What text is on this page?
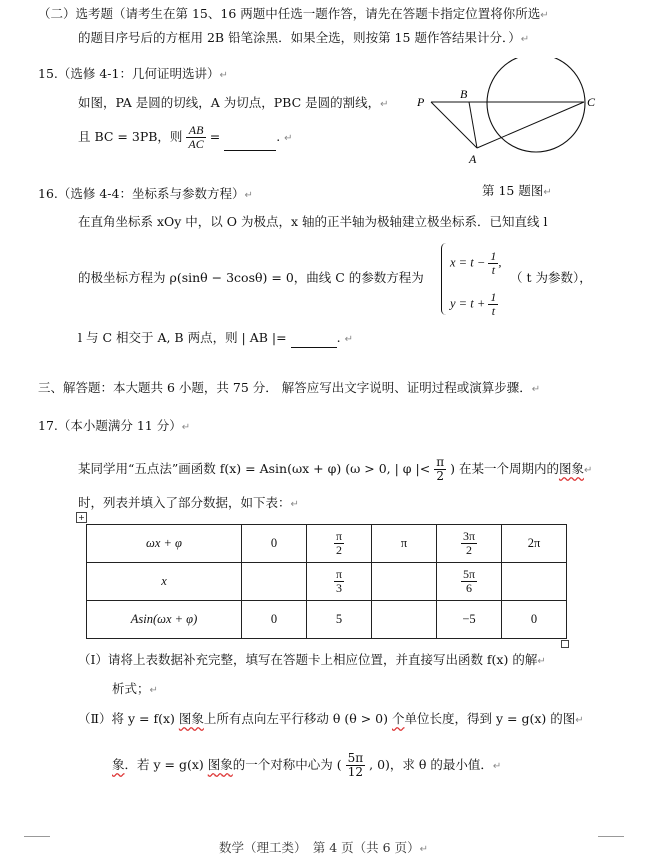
（二）选考题（请考生在第 15、16 两题中任选一题作答，请先在答题卡指定位置将你所选↵
的题目序号后的方框用 2B 铅笔涂黑．如果全选，则按第 15 题作答结果计分．）↵
15.（选修 4-1：几何证明选讲）↵
如图，PA 是圆的切线，A 为切点，PBC 是圆的割线，↵
且 BC = 3PB，则 $\frac{AB}{AC}$ =	. ↵
P
B
C
A
第 15 题图↵
16.（选修 4-4：坐标系与参数方程）↵
在直角坐标系 xOy 中，以 O 为极点，x 轴的正半轴为极轴建立极坐标系．已知直线 l
的极坐标方程为 ρ(sinθ − 3cosθ) = 0，曲线 C 的参数方程为
$x = t - \frac{1}{t}$ ,
$y = t + \frac{1}{t}$
（ t 为参数），
l 与 C 相交于 A, B 两点，则 | AB |=	. ↵
三、解答题：本大题共 6 小题，共 75 分． 解答应写出文字说明、证明过程或演算步骤．↵
17.（本小题满分 11 分）↵
某同学用“五点法”画函数 f(x) = Asin(ωx + φ) (ω > 0, | φ |< $\frac{\pi}{2}$ ) 在某一个周期内的图象↵
时，列表并填入了部分数据，如下表：↵
+
ωx + φ	0	$\frac{\pi}{2}$	π	$\frac{3\pi}{2}$	2π
x		$\frac{\pi}{3}$		$\frac{5\pi}{6}$

Asin(ωx + φ)	0	5		−5	0
（Ⅰ）请将上表数据补充完整，填写在答题卡上相应位置，并直接写出函数 f(x) 的解↵
析式；↵
（Ⅱ）将 y = f(x) 图象上所有点向左平行移动 θ (θ > 0) 个单位长度，得到 y = g(x) 的图↵
象．若 y = g(x) 图象的一个对称中心为 ( $\frac{5\pi}{12}$ , 0)，求 θ 的最小值．↵
数学（理工类）　第 4 页（共 6 页）↵
